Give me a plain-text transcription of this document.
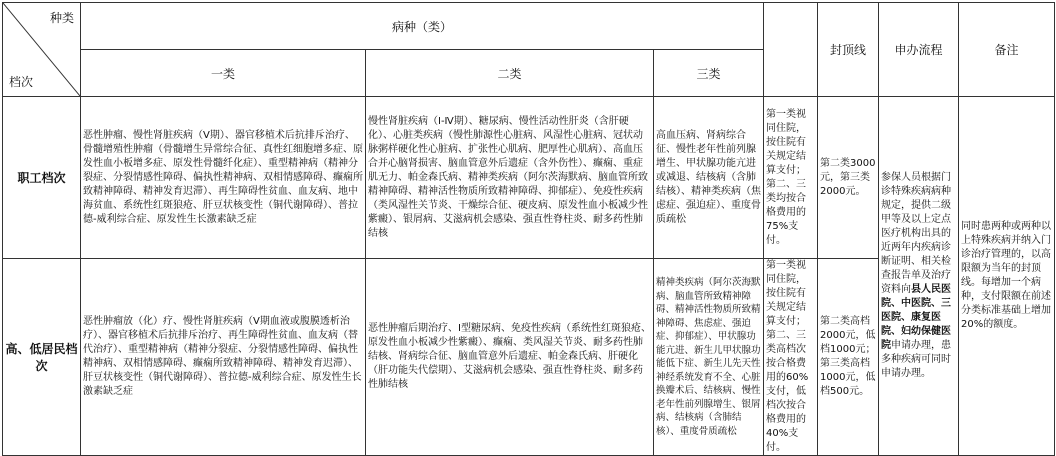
种类
档次	病种（类）				封顶线	申办流程	备注
	一类	二类	三类				
职工档次	恶性肿瘤、慢性肾脏疾病（Ⅴ期）、器官移植术后抗排斥治疗、骨髓增殖性肿瘤（骨髓增生异常综合征、真性红细胞增多症、原发性血小板增多症、原发性骨髓纤化症）、重型精神病（精神分裂症、分裂情感性障碍、偏执性精神病、双相情感障碍、癫痫所致精神障碍、精神发育迟滞）、再生障碍性贫血、血友病、地中海贫血、系统性红斑狼疮、肝豆状核变性（铜代谢障碍）、普拉德-威利综合症、原发性生长激素缺乏症	慢性肾脏疾病（Ⅰ-Ⅳ期）、糖尿病、慢性活动性肝炎（含肝硬化）、心脏类疾病（慢性肺源性心脏病、风湿性心脏病、冠状动脉粥样硬化性心脏病、扩张性心肌病、肥厚性心肌病）、高血压合并心脑肾损害、脑血管意外后遗症（含外伤性）、癫痫、重症肌无力、帕金森氏病、精神类疾病（阿尔茨海默病、脑血管所致精神障碍、精神活性物质所致精神障碍、抑郁症）、免疫性疾病（类风湿性关节炎、干燥综合征、硬皮病、原发性血小板减少性紫癜）、银屑病、艾滋病机会感染、强直性脊柱炎、耐多药性肺结核	高血压病、肾病综合征、慢性老年性前列腺增生、甲状腺功能亢进或减退、结核病（含肺结核）、精神类疾病（焦虑症、强迫症）、重度骨质疏松	第一类视同住院，按住院有关规定结算支付；第二、三类均按合格费用的75%支付。	第二类3000元，第三类2000元。	参保人员根据门诊特殊疾病病种规定，提供二级甲等及以上定点医疗机构出具的近两年内疾病诊断证明、相关检查报告单及治疗资料向县人民医院、中医院、三医院、康复医院、妇幼保健医院申请办理，患多种疾病可同时申请办理。	同时患两种或两种以上特殊疾病并纳入门诊治疗管理的，以高限额为当年的封顶线。每增加一个病种，支付限额在前述分类标准基础上增加20%的额度。
高、低居民档次	恶性肿瘤放（化）疗、慢性肾脏疾病（Ⅴ期血液或腹膜透析治疗）、器官移植术后抗排斥治疗、再生障碍性贫血、血友病（替代治疗）、重型精神病（精神分裂症、分裂情感性障碍、偏执性精神病、双相情感障碍、癫痫所致精神障碍、精神发育迟滞）、肝豆状核变性（铜代谢障碍）、普拉德-威利综合症、原发性生长激素缺乏症	恶性肿瘤后期治疗、Ⅰ型糖尿病、免疫性疾病（系统性红斑狼疮、原发性血小板减少性紫癜）、癫痫、类风湿关节炎、耐多药性肺结核、肾病综合征、脑血管意外后遗症、帕金森氏病、肝硬化（肝功能失代偿期）、艾滋病机会感染、强直性脊柱炎、耐多药性肺结核	精神类疾病（阿尔茨海默病、脑血管所致精神障碍、精神活性物质所致精神障碍、焦虑症、强迫症、抑郁症）、甲状腺功能亢进、新生儿甲状腺功能低下症、新生儿先天性神经系统发育不全、心脏换瓣术后、结核病、慢性老年性前列腺增生、银屑病、结核病（含肺结核）、重度骨质疏松	第一类视同住院，按住院有关规定结算支付；第二、三类高档次按合格费用的60%支付，低档次按合格费用的40%支付。	第二类高档2000元，低档1000元；第三类高档1000元，低档500元。		
